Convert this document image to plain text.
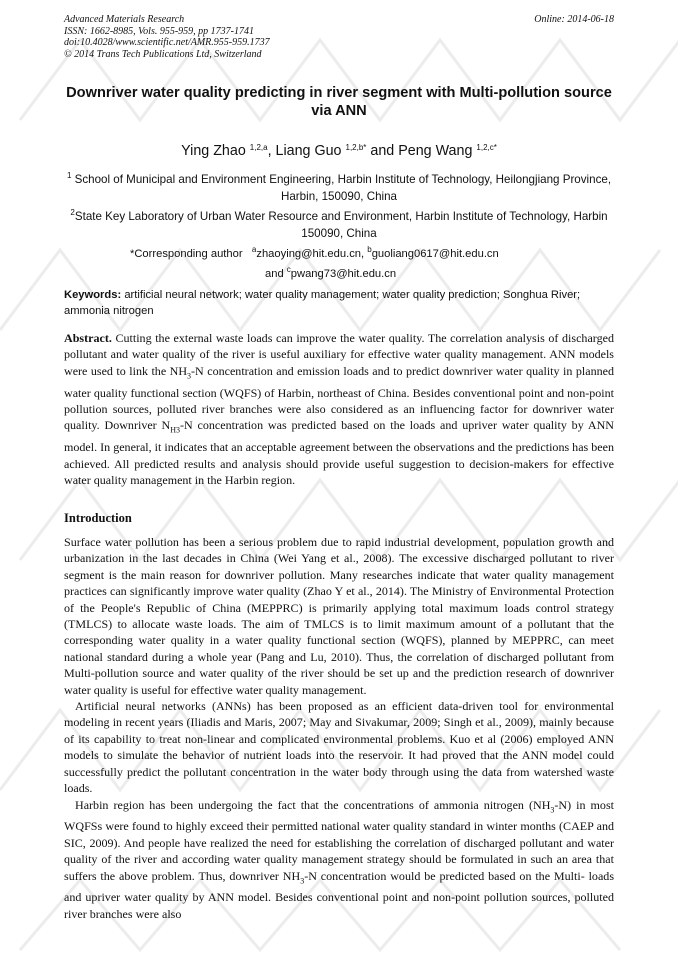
Advanced Materials Research
ISSN: 1662-8985, Vols. 955-959, pp 1737-1741
doi:10.4028/www.scientific.net/AMR.955-959.1737
© 2014 Trans Tech Publications Ltd, Switzerland
Online: 2014-06-18
Downriver water quality predicting in river segment with Multi-pollution source via ANN
Ying Zhao $^{1,2,a}$, Liang Guo $^{1,2,b*}$ and Peng Wang $^{1,2,c*}$
$^1$ School of Municipal and Environment Engineering, Harbin Institute of Technology, Heilongjiang Province, Harbin, 150090, China
$^2$State Key Laboratory of Urban Water Resource and Environment, Harbin Institute of Technology, Harbin 150090, China
*Corresponding author $^a$zhaoying@hit.edu.cn, $^b$guoliang0617@hit.edu.cn
and $^c$pwang73@hit.edu.cn
Keywords: artificial neural network; water quality management; water quality prediction; Songhua River; ammonia nitrogen
Abstract. Cutting the external waste loads can improve the water quality. The correlation analysis of discharged pollutant and water quality of the river is useful auxiliary for effective water quality management. ANN models were used to link the $NH_3-N$ concentration and emission loads and to predict downriver water quality in planned water quality functional section (WQFS) of Harbin, northeast of China. Besides conventional point and non-point pollution sources, polluted river branches were also considered as an influencing factor for downriver water quality. Downriver $N_{H3}-N$ concentration was predicted based on the loads and upriver water quality by ANN model. In general, it indicates that an acceptable agreement between the observations and the predictions has been achieved. All predicted results and analysis should provide useful suggestion to decision-makers for effective water quality management in the Harbin region.
Introduction

Surface water pollution has been a serious problem due to rapid industrial development, population growth and urbanization in the last decades in China (Wei Yang et al., 2008). The excessive discharged pollutant to river segment is the main reason for downriver pollution. Many researches indicate that water quality management practices can significantly improve water quality (Zhao Y et al., 2014). The Ministry of Environmental Protection of the People's Republic of China (MEPPRC) is primarily applying total maximum loads control strategy (TMLCS) to allocate waste loads. The aim of TMLCS is to limit maximum amount of a pollutant that the corresponding water quality in a water quality functional section (WQFS), planned by MEPPRC, can meet national standard during a whole year (Pang and Lu, 2010). Thus, the correlation of discharged pollutant from Multi-pollution source and water quality of the river should be set up and the prediction research of downriver water quality is useful for effective water quality management.

Artificial neural networks (ANNs) has been proposed as an efficient data-driven tool for environmental modeling in recent years (Iliadis and Maris, 2007; May and Sivakumar, 2009; Singh et al., 2009), mainly because of its capability to treat non-linear and complicated environmental problems. Kuo et al (2006) employed ANN models to simulate the behavior of nutrient loads into the reservoir. It had proved that the ANN model could successfully predict the pollutant concentration in the water body through using the data from watershed waste loads.

Harbin region has been undergoing the fact that the concentrations of ammonia nitrogen $(NH_3-N)$ in most WQFSs were found to highly exceed their permitted national water quality standard in winter months (CAEP and SIC, 2009). And people have realized the need for establishing the correlation of discharged pollutant and water quality of the river and according water quality management strategy should be formulated in such an area that suffers the above problem. Thus, downriver $NH_3-N$ concentration would be predicted based on the Multi- loads and upriver water quality by ANN model. Besides conventional point and non-point pollution sources, polluted river branches were also
